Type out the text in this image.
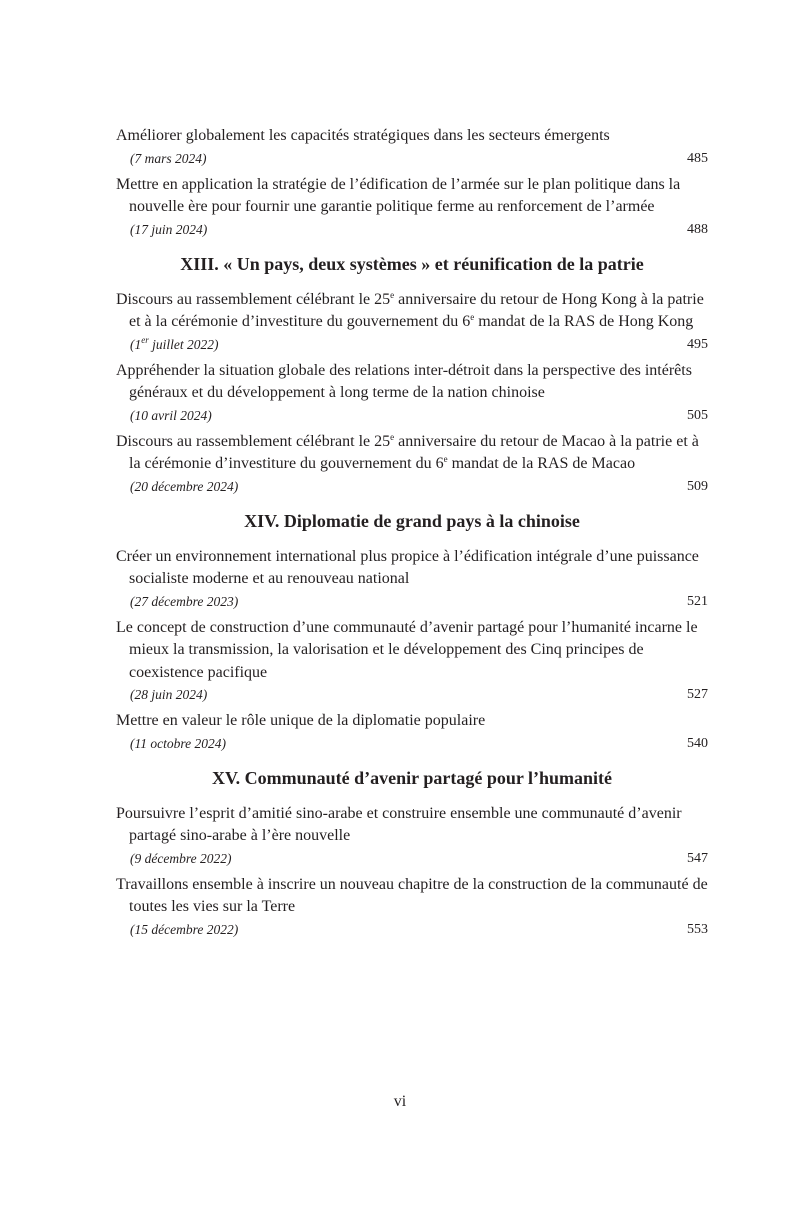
Améliorer globalement les capacités stratégiques dans les secteurs émergents

(7 mars 2024)	485

Mettre en application la stratégie de l’édification de l’armée sur le plan politique dans la nouvelle ère pour fournir une garantie politique ferme au renforcement de l’armée

(17 juin 2024)	488
XIII. « Un pays, deux systèmes » et réunification de la patrie

Discours au rassemblement célébrant le 25e anniversaire du retour de Hong Kong à la patrie et à la cérémonie d’investiture du gouvernement du 6e mandat de la RAS de Hong Kong

(1er juillet 2022)	495

Appréhender la situation globale des relations inter-détroit dans la perspective des intérêts généraux et du développement à long terme de la nation chinoise

(10 avril 2024)	505

Discours au rassemblement célébrant le 25e anniversaire du retour de Macao à la patrie et à la cérémonie d’investiture du gouvernement du 6e mandat de la RAS de Macao

(20 décembre 2024)	509
XIV. Diplomatie de grand pays à la chinoise

Créer un environnement international plus propice à l’édification intégrale d’une puissance socialiste moderne et au renouveau national

(27 décembre 2023)	521

Le concept de construction d’une communauté d’avenir partagé pour l’humanité incarne le mieux la transmission, la valorisation et le développement des Cinq principes de coexistence pacifique

(28 juin 2024)	527

Mettre en valeur le rôle unique de la diplomatie populaire

(11 octobre 2024)	540
XV. Communauté d’avenir partagé pour l’humanité

Poursuivre l’esprit d’amitié sino-arabe et construire ensemble une communauté d’avenir partagé sino-arabe à l’ère nouvelle

(9 décembre 2022)	547

Travaillons ensemble à inscrire un nouveau chapitre de la construction de la communauté de toutes les vies sur la Terre

(15 décembre 2022)	553
vi
